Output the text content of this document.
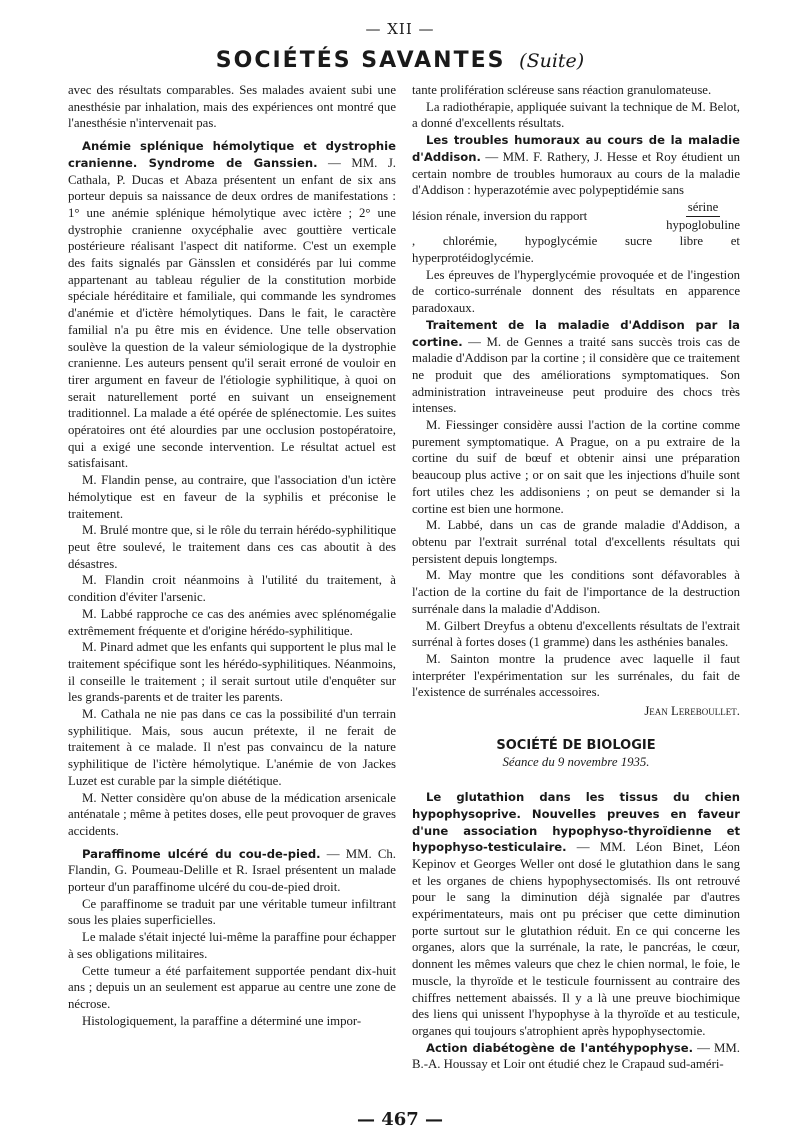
— XII —
SOCIÉTÉS SAVANTES (Suite)

avec des résultats comparables. Ses malades avaient subi une anesthésie par inhalation, mais des expériences ont montré que l'anesthésie n'intervenait pas.

Anémie splénique hémolytique et dystrophie cranienne. Syndrome de Ganssien. — MM. J. Cathala, P. Ducas et Abaza présentent un enfant de six ans porteur depuis sa naissance de deux ordres de manifestations : 1° une anémie splénique hémolytique avec ictère ; 2° une dystrophie cranienne oxycéphalie avec gouttière verticale postérieure réalisant l'aspect dit natiforme. C'est un exemple des faits signalés par Gänsslen et considérés par lui comme appartenant au tableau régulier de la constitution morbide spéciale héréditaire et familiale, qui commande les syndromes d'anémie et d'ictère hémolytiques. Dans le fait, le caractère familial n'a pu être mis en évidence. Une telle observation soulève la question de la valeur sémiologique de la dystrophie cranienne. Les auteurs pensent qu'il serait erroné de vouloir en tirer argument en faveur de l'étiologie syphilitique, à quoi on serait naturellement porté en suivant un enseignement traditionnel. La malade a été opérée de splénectomie. Les suites opératoires ont été alourdies par une occlusion postopératoire, qui a exigé une seconde intervention. Le résultat actuel est satisfaisant.

M. Flandin pense, au contraire, que l'association d'un ictère hémolytique est en faveur de la syphilis et préconise le traitement.

M. Brulé montre que, si le rôle du terrain hérédo-syphilitique peut être soulevé, le traitement dans ces cas aboutit à des désastres.

M. Flandin croit néanmoins à l'utilité du traitement, à condition d'éviter l'arsenic.

M. Labbé rapproche ce cas des anémies avec splénomégalie extrêmement fréquente et d'origine hérédo-syphilitique.

M. Pinard admet que les enfants qui supportent le plus mal le traitement spécifique sont les hérédo-syphilitiques. Néanmoins, il conseille le traitement ; il serait surtout utile d'enquêter sur les grands-parents et de traiter les parents.

M. Cathala ne nie pas dans ce cas la possibilité d'un terrain syphilitique. Mais, sous aucun prétexte, il ne ferait de traitement à ce malade. Il n'est pas convaincu de la nature syphilitique de l'ictère hémolytique. L'anémie de von Jackes Luzet est curable par la simple diététique.

M. Netter considère qu'on abuse de la médication arsenicale anténatale ; même à petites doses, elle peut provoquer de graves accidents.

Paraffinome ulcéré du cou-de-pied. — MM. Ch. Flandin, G. Poumeau-Delille et R. Israel présentent un malade porteur d'un paraffinome ulcéré du cou-de-pied droit.

Ce paraffinome se traduit par une véritable tumeur infiltrant sous les plaies superficielles.

Le malade s'était injecté lui-même la paraffine pour échapper à ses obligations militaires.

Cette tumeur a été parfaitement supportée pendant dix-huit ans ; depuis un an seulement est apparue au centre une zone de nécrose.

Histologiquement, la paraffine a déterminé une impor-

tante prolifération scléreuse sans réaction granulomateuse.

La radiothérapie, appliquée suivant la technique de M. Belot, a donné d'excellents résultats.

Les troubles humoraux au cours de la maladie d'Addison. — MM. F. Rathery, J. Hesse et Roy étudient un certain nombre de troubles humoraux au cours de la maladie d'Addison : hyperazotémie avec polypeptidémie sans

lésion rénale, inversion du rapport
sérine
hypoglobuline

, chlorémie, hypoglycémie sucre libre et hyperprotéidoglycémie.

Les épreuves de l'hyperglycémie provoquée et de l'ingestion de cortico-surrénale donnent des résultats en apparence paradoxaux.

Traitement de la maladie d'Addison par la cortine. — M. de Gennes a traité sans succès trois cas de maladie d'Addison par la cortine ; il considère que ce traitement ne produit que des améliorations symptomatiques. Son administration intraveineuse peut produire des chocs très intenses.

M. Fiessinger considère aussi l'action de la cortine comme purement symptomatique. A Prague, on a pu extraire de la cortine du suif de bœuf et obtenir ainsi une préparation beaucoup plus active ; or on sait que les injections d'huile sont fort utiles chez les addisoniens ; on peut se demander si la cortine est bien une hormone.

M. Labbé, dans un cas de grande maladie d'Addison, a obtenu par l'extrait surrénal total d'excellents résultats qui persistent depuis longtemps.

M. May montre que les conditions sont défavorables à l'action de la cortine du fait de l'importance de la destruction surrénale dans la maladie d'Addison.

M. Gilbert Dreyfus a obtenu d'excellents résultats de l'extrait surrénal à fortes doses (1 gramme) dans les asthénies banales.

M. Sainton montre la prudence avec laquelle il faut interpréter l'expérimentation sur les surrénales, du fait de l'existence de surrénales accessoires.

Jean Lereboullet.
SOCIÉTÉ DE BIOLOGIE
Séance du 9 novembre 1935.

Le glutathion dans les tissus du chien hypophysoprive. Nouvelles preuves en faveur d'une association hypophyso-thyroïdienne et hypophyso-testiculaire. — MM. Léon Binet, Léon Kepinov et Georges Weller ont dosé le glutathion dans le sang et les organes de chiens hypophysectomisés. Ils ont retrouvé pour le sang la diminution déjà signalée par d'autres expérimentateurs, mais ont pu préciser que cette diminution porte surtout sur le glutathion réduit. En ce qui concerne les organes, alors que la surrénale, la rate, le pancréas, le cœur, donnent les mêmes valeurs que chez le chien normal, le foie, le muscle, la thyroïde et le testicule fournissent au contraire des chiffres nettement abaissés. Il y a là une preuve biochimique des liens qui unissent l'hypophyse à la thyroïde et au testicule, organes qui toujours s'atrophient après hypophysectomie.

Action diabétogène de l'antéhypophyse. — MM. B.-A. Houssay et Loir ont étudié chez le Crapaud sud-améri-

— 467 —
